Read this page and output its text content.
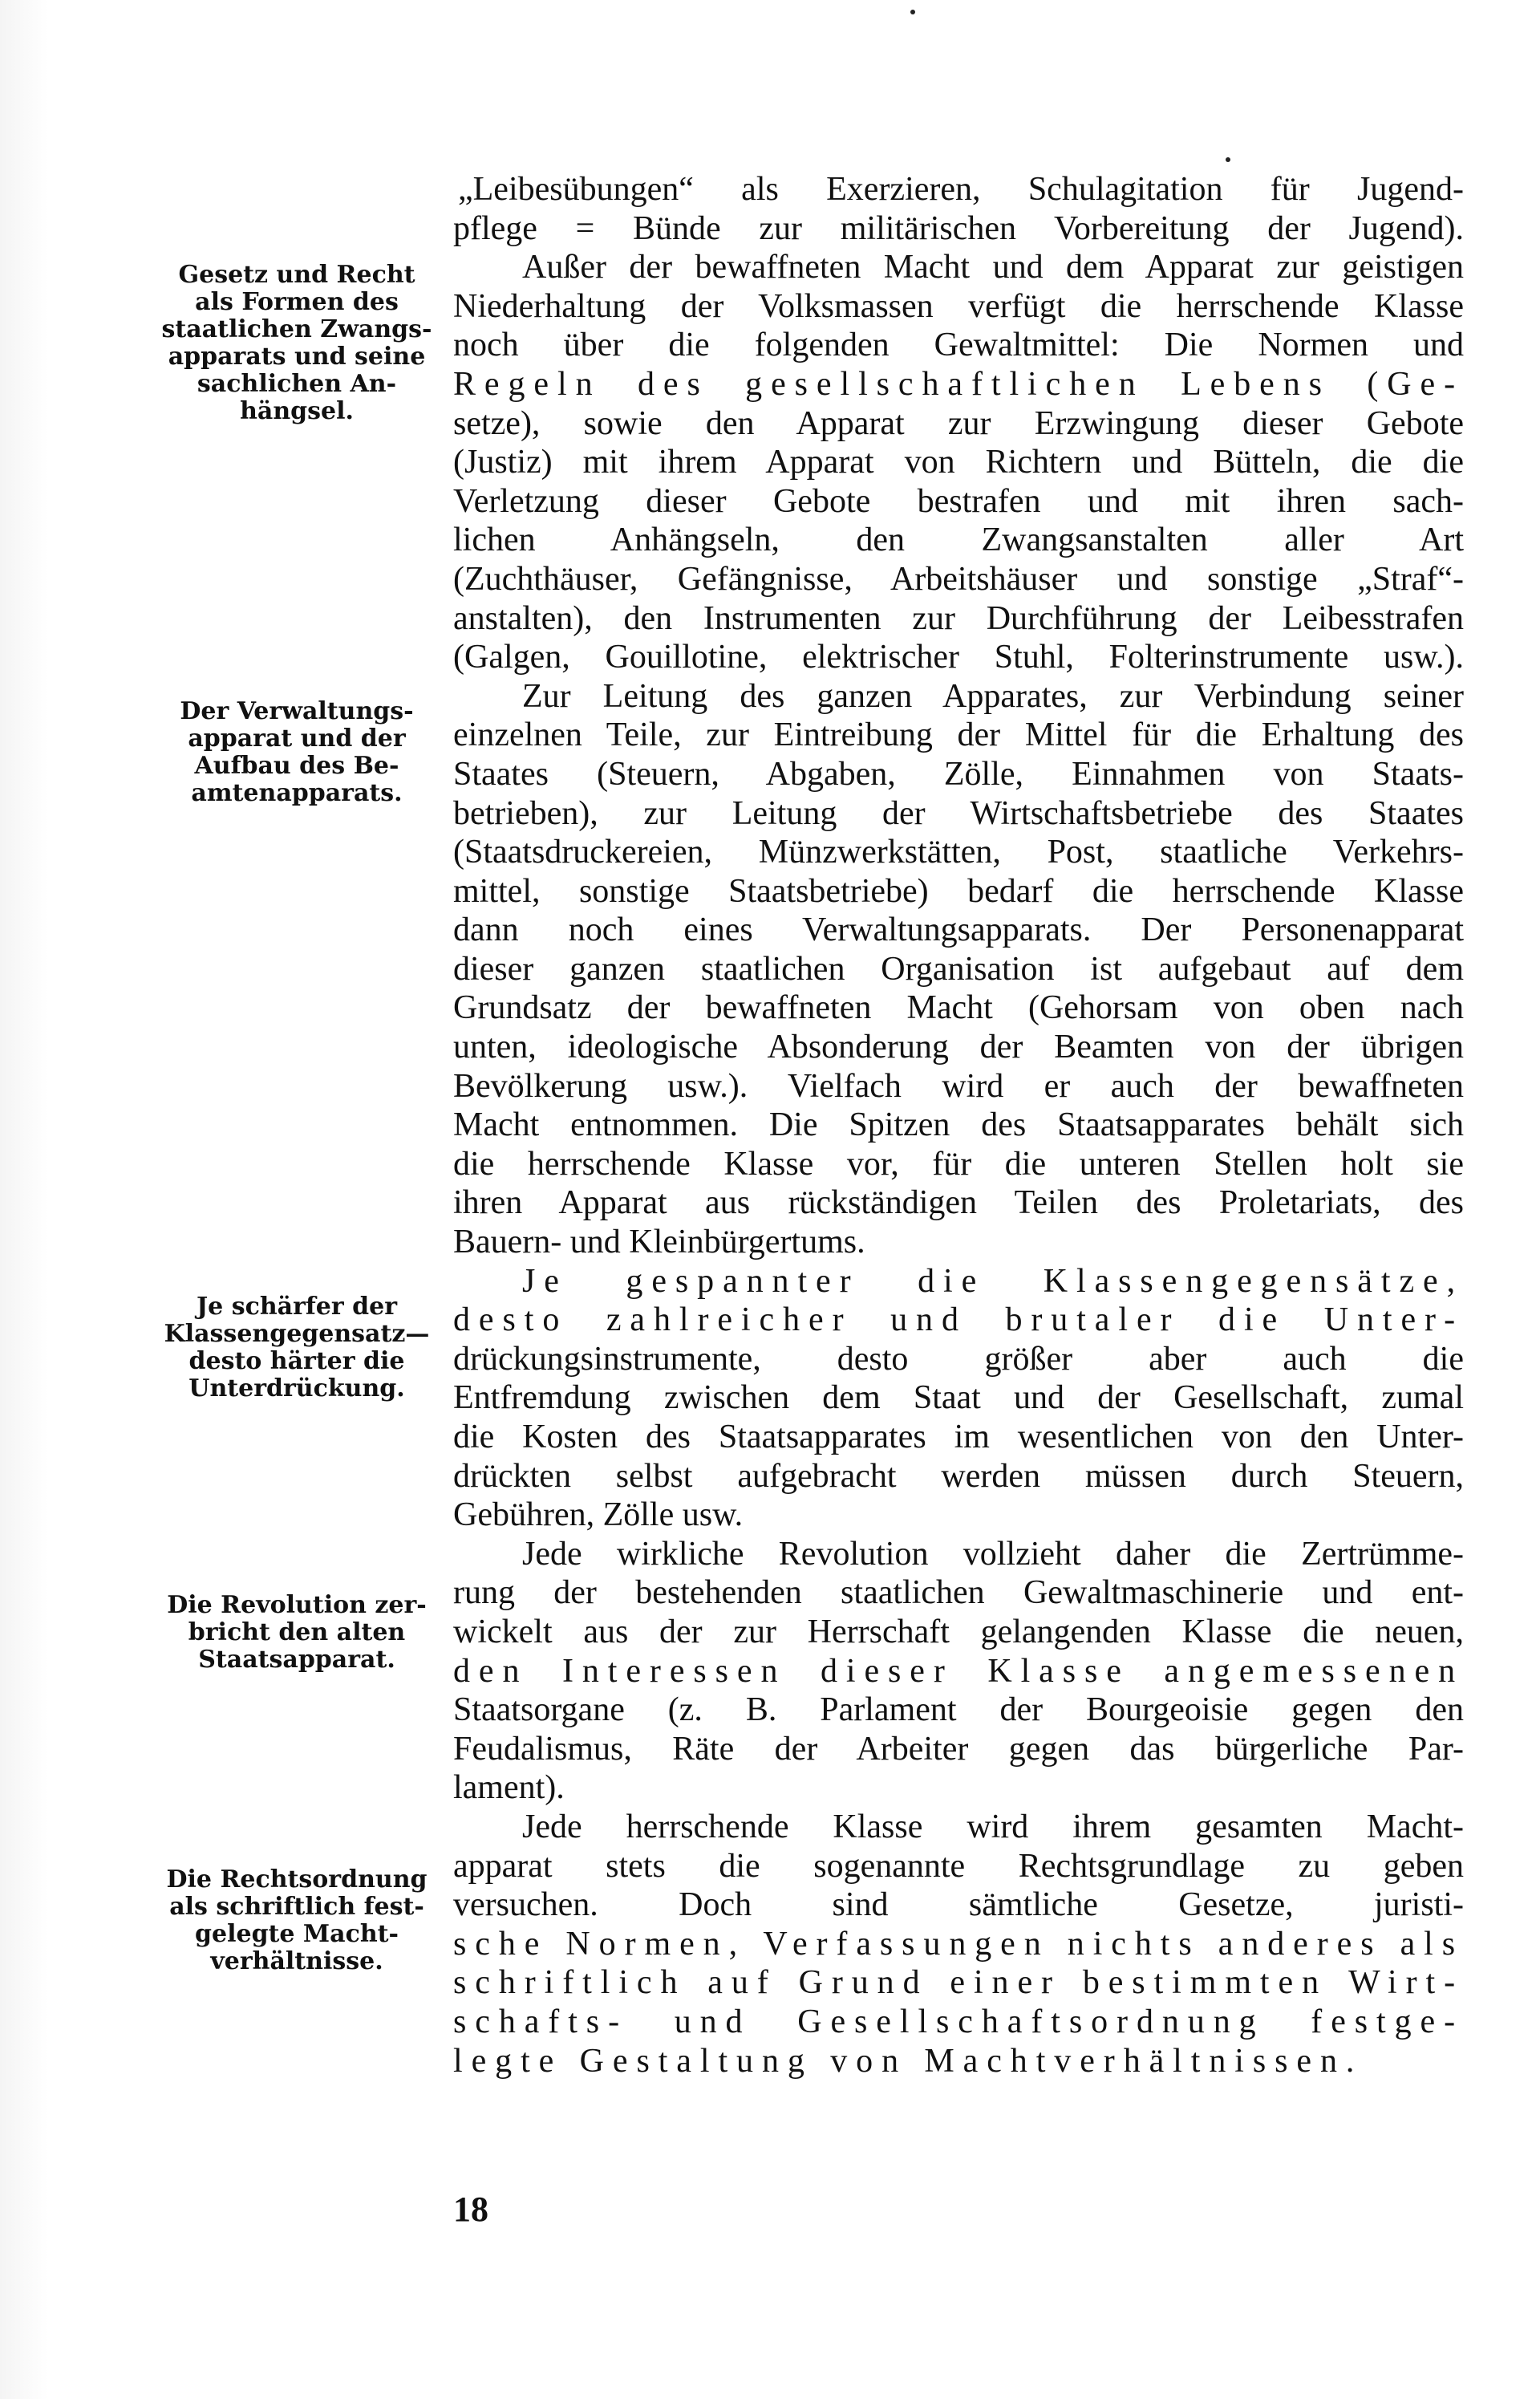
Gesetz und Recht
als Formen des
staatlichen Zwangs-
apparats und seine
sachlichen An-
hängsel.
Der Verwaltungs-
apparat und der
Aufbau des Be-
amtenapparats.
Je schärfer der
Klassengegensatz—
desto härter die
Unterdrückung.
Die Revolution zer-
bricht den alten
Staatsapparat.
Die Rechtsordnung
als schriftlich fest-
gelegte Macht-
verhältnisse.
„Leibesübungen“ als Exerzieren, Schulagitation für Jugend-
pflege = Bünde zur militärischen Vorbereitung der Jugend).
Außer der bewaffneten Macht und dem Apparat zur geistigen
Niederhaltung der Volksmassen verfügt die herrschende Klasse
noch über die folgenden Gewaltmittel: Die Normen und
Regeln des gesellschaftlichen Lebens (Ge-
setze), sowie den Apparat zur Erzwingung dieser Gebote
(Justiz) mit ihrem Apparat von Richtern und Bütteln, die die
Verletzung dieser Gebote bestrafen und mit ihren sach-
lichen Anhängseln, den Zwangsanstalten aller Art
(Zuchthäuser, Gefängnisse, Arbeitshäuser und sonstige „Straf“-
anstalten), den Instrumenten zur Durchführung der Leibesstrafen
(Galgen, Gouillotine, elektrischer Stuhl, Folterinstrumente usw.).
Zur Leitung des ganzen Apparates, zur Verbindung seiner
einzelnen Teile, zur Eintreibung der Mittel für die Erhaltung des
Staates (Steuern, Abgaben, Zölle, Einnahmen von Staats-
betrieben), zur Leitung der Wirtschaftsbetriebe des Staates
(Staatsdruckereien, Münzwerkstätten, Post, staatliche Verkehrs-
mittel, sonstige Staatsbetriebe) bedarf die herrschende Klasse
dann noch eines Verwaltungsapparats. Der Personenapparat
dieser ganzen staatlichen Organisation ist aufgebaut auf dem
Grundsatz der bewaffneten Macht (Gehorsam von oben nach
unten, ideologische Absonderung der Beamten von der übrigen
Bevölkerung usw.). Vielfach wird er auch der bewaffneten
Macht entnommen. Die Spitzen des Staatsapparates behält sich
die herrschende Klasse vor, für die unteren Stellen holt sie
ihren Apparat aus rückständigen Teilen des Proletariats, des
Bauern- und Kleinbürgertums.
Je gespannter die Klassengegensätze,
desto zahlreicher und brutaler die Unter-
drückungsinstrumente, desto größer aber auch die
Entfremdung zwischen dem Staat und der Gesellschaft, zumal
die Kosten des Staatsapparates im wesentlichen von den Unter-
drückten selbst aufgebracht werden müssen durch Steuern,
Gebühren, Zölle usw.
Jede wirkliche Revolution vollzieht daher die Zertrümme-
rung der bestehenden staatlichen Gewaltmaschinerie und ent-
wickelt aus der zur Herrschaft gelangenden Klasse die neuen,
den Interessen dieser Klasse angemessenen
Staatsorgane (z. B. Parlament der Bourgeoisie gegen den
Feudalismus, Räte der Arbeiter gegen das bürgerliche Par-
lament).
Jede herrschende Klasse wird ihrem gesamten Macht-
apparat stets die sogenannte Rechtsgrundlage zu geben
versuchen. Doch sind sämtliche Gesetze, juristi-
sche Normen, Verfassungen nichts anderes als
schriftlich auf Grund einer bestimmten Wirt-
schafts- und Gesellschaftsordnung festge-
legte Gestaltung von Machtverhältnissen.
18
